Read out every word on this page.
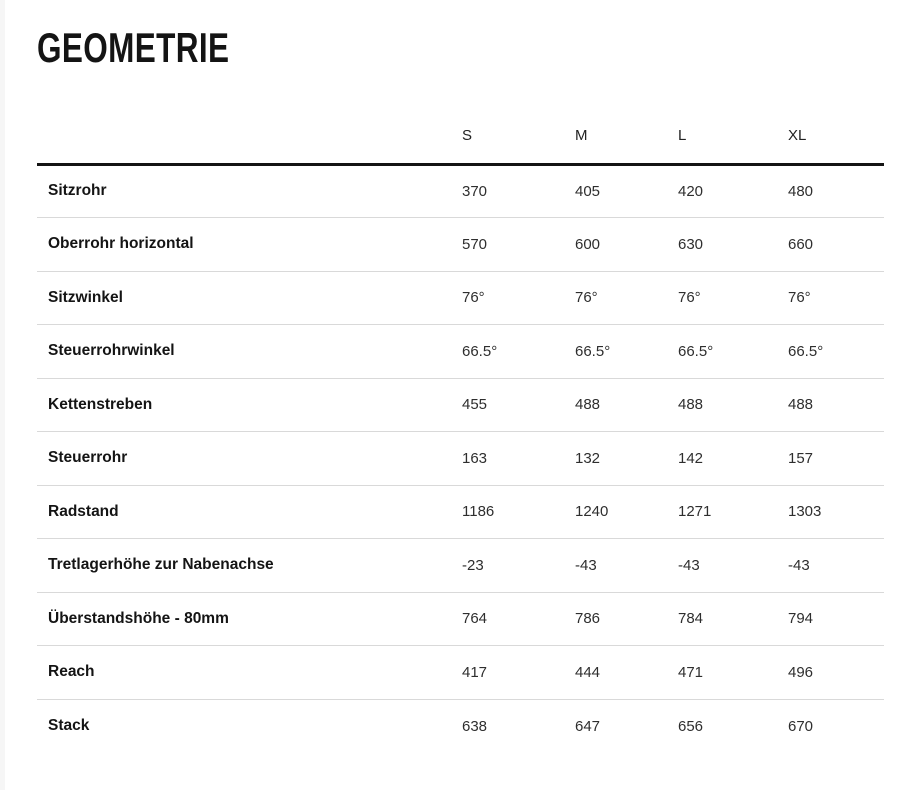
GEOMETRIE
	S	M	L	XL
Sitzrohr	370	405	420	480
Oberrohr horizontal	570	600	630	660
Sitzwinkel	76°	76°	76°	76°
Steuerrohrwinkel	66.5°	66.5°	66.5°	66.5°
Kettenstreben	455	488	488	488
Steuerrohr	163	132	142	157
Radstand	1186	1240	1271	1303
Tretlagerhöhe zur Nabenachse	-23	-43	-43	-43
Überstandshöhe - 80mm	764	786	784	794
Reach	417	444	471	496
Stack	638	647	656	670
